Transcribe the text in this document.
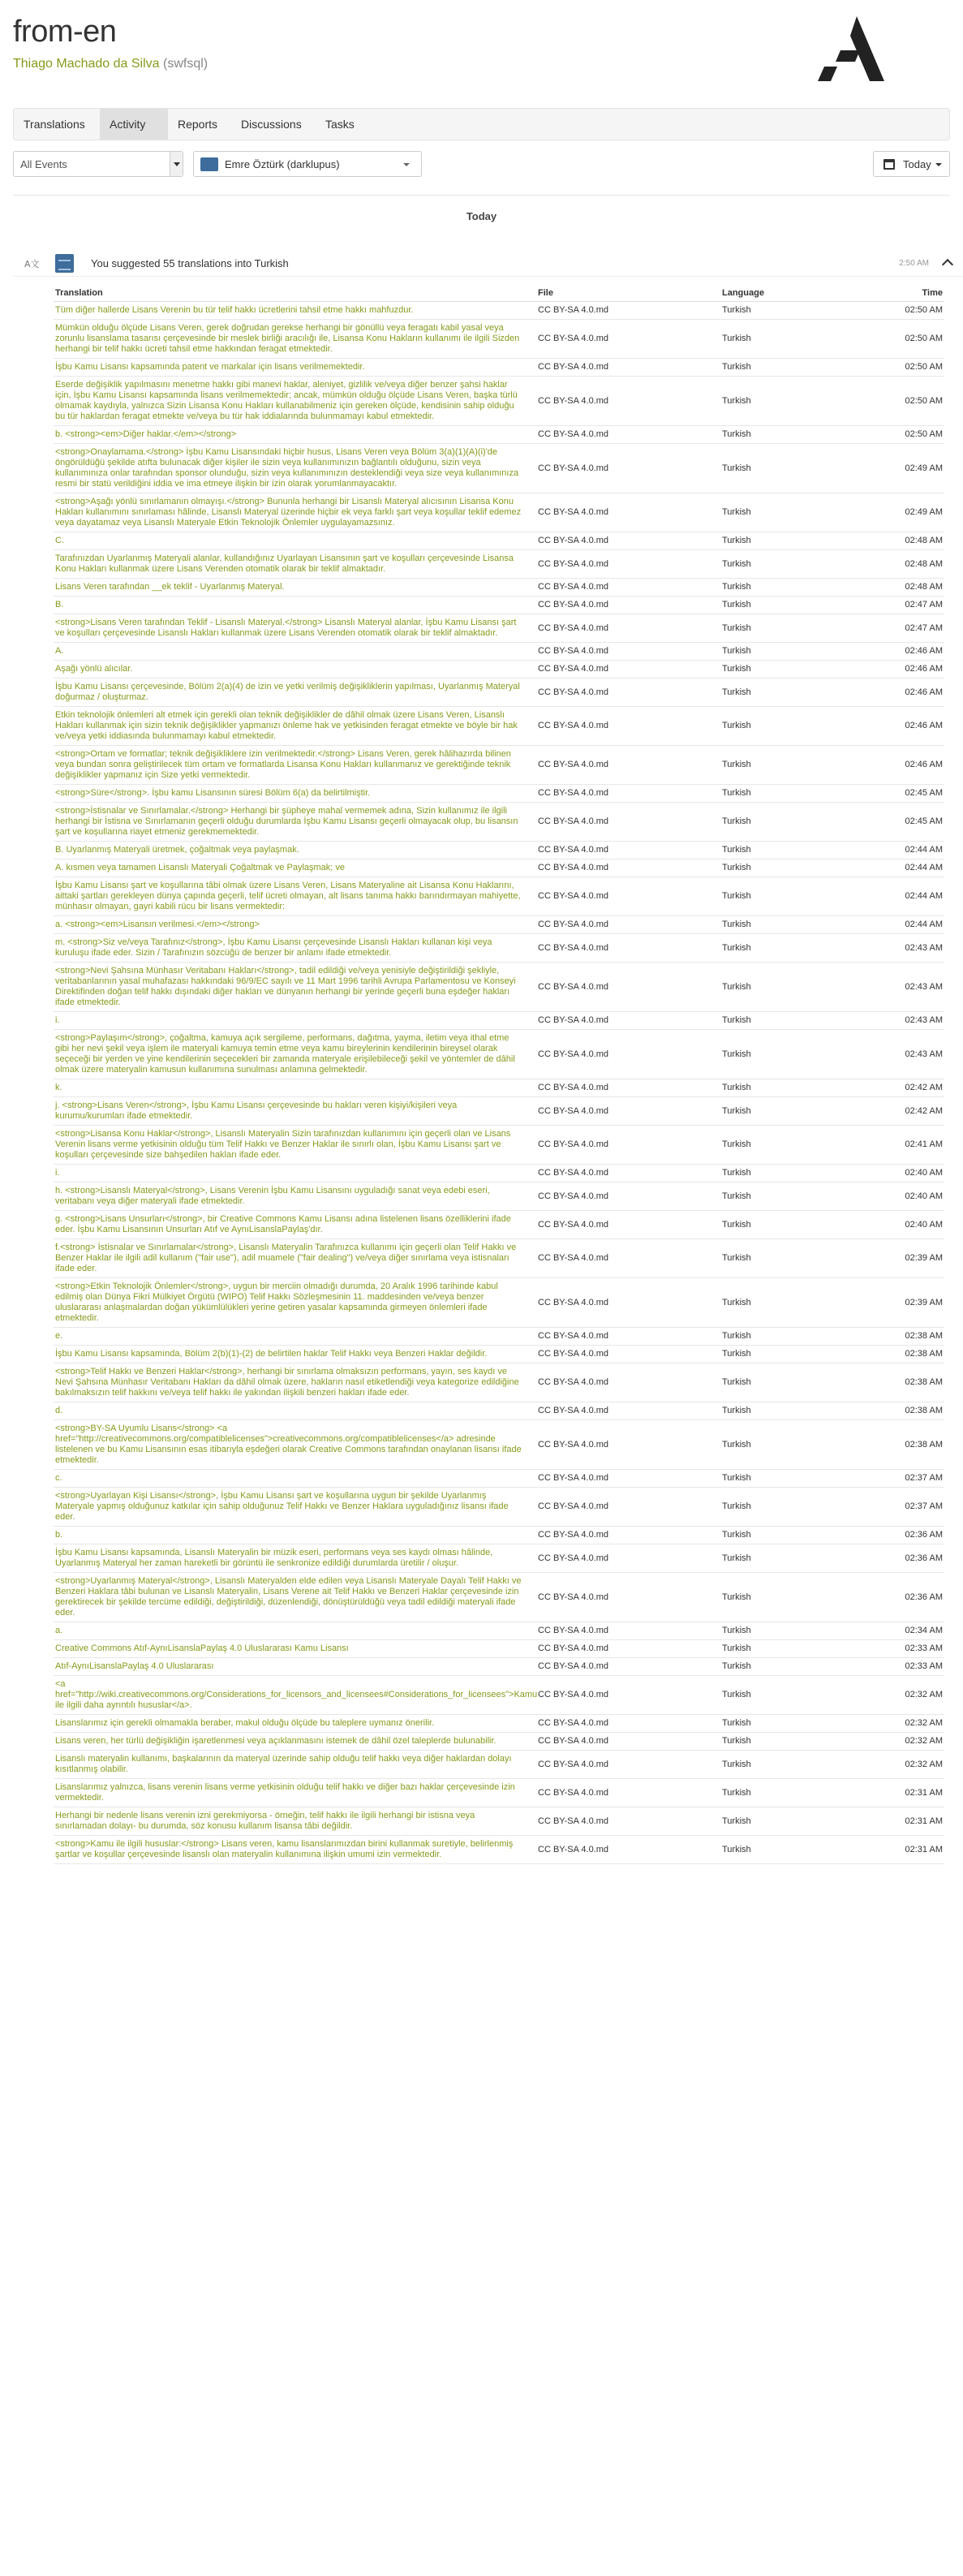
from-en
Thiago Machado da Silva (swfsql)
Translations	Activity	Reports	Discussions	Tasks
All Events	Emre Öztürk (darklupus)	Today
Today
A文	You suggested 55 translations into Turkish	2:50 AM
Translation	File	Language	Time
Tüm diğer hallerde Lisans Verenin bu tür telif hakkı ücretlerini tahsil etme hakkı mahfuzdur.	CC BY-SA 4.0.md	Turkish	02:50 AM
Mümkün olduğu ölçüde Lisans Veren, gerek doğrudan gerekse herhangi bir gönüllü veya feragatı kabil yasal veya zorunlu lisanslama tasarısı çerçevesinde bir meslek birliği aracılığı ile, Lisansa Konu Hakların kullanımı ile ilgili Sizden herhangi bir telif hakkı ücreti tahsil etme hakkından feragat etmektedir.	CC BY-SA 4.0.md	Turkish	02:50 AM
İşbu Kamu Lisansı kapsamında patent ve markalar için lisans verilmemektedir.	CC BY-SA 4.0.md	Turkish	02:50 AM
Eserde değişiklik yapılmasını menetme hakkı gibi manevi haklar, aleniyet, gizlilik ve/veya diğer benzer şahsi haklar için, İşbu Kamu Lisansı kapsamında lisans verilmemektedir; ancak, mümkün olduğu ölçüde Lisans Veren, başka türlü olmamak kaydıyla, yalnızca Sizin Lisansa Konu Hakları kullanabilmeniz için gereken ölçüde, kendisinin sahip olduğu bu tür haklardan feragat etmekte ve/veya bu tür hak iddialarında bulunmamayı kabul etmektedir.	CC BY-SA 4.0.md	Turkish	02:50 AM
b. <strong><em>Diğer haklar.</em></strong>	CC BY-SA 4.0.md	Turkish	02:50 AM
<strong>Onaylamama.</strong> İşbu Kamu Lisansındaki hiçbir husus, Lisans Veren veya Bölüm 3(a)(1)(A)(i)'de öngörüldüğü şekilde atıfta bulunacak diğer kişiler ile sizin veya kullanımınızın bağlantılı olduğunu, sizin veya kullanımınıza onlar tarafından sponsor olunduğu, sizin veya kullanımınızın desteklendiği veya size veya kullanımınıza resmi bir statü verildiğini iddia ve ima etmeye ilişkin bir izin olarak yorumlanmayacaktır.	CC BY-SA 4.0.md	Turkish	02:49 AM
<strong>Aşağı yönlü sınırlamanın olmayışı.</strong> Bununla herhangi bir Lisanslı Materyal alıcısının Lisansa Konu Hakları kullanımını sınırlaması hâlinde, Lisanslı Materyal üzerinde hiçbir ek veya farklı şart veya koşullar teklif edemez veya dayatamaz veya Lisanslı Materyale Etkin Teknolojik Önlemler uygulayamazsınız.	CC BY-SA 4.0.md	Turkish	02:49 AM
C.	CC BY-SA 4.0.md	Turkish	02:48 AM
Tarafınızdan Uyarlanmış Materyali alanlar, kullandığınız Uyarlayan Lisansının şart ve koşulları çerçevesinde Lisansa Konu Hakları kullanmak üzere Lisans Verenden otomatik olarak bir teklif almaktadır.	CC BY-SA 4.0.md	Turkish	02:48 AM
Lisans Veren tarafından __ek teklif - Uyarlanmış Materyal.	CC BY-SA 4.0.md	Turkish	02:48 AM
B.	CC BY-SA 4.0.md	Turkish	02:47 AM
<strong>Lisans Veren tarafından Teklif - Lisanslı Materyal.</strong> Lisanslı Materyal alanlar, İşbu Kamu Lisansı şart ve koşulları çerçevesinde Lisanslı Hakları kullanmak üzere Lisans Verenden otomatik olarak bir teklif almaktadır.	CC BY-SA 4.0.md	Turkish	02:47 AM
A.	CC BY-SA 4.0.md	Turkish	02:46 AM
Aşağı yönlü alıcılar.	CC BY-SA 4.0.md	Turkish	02:46 AM
İşbu Kamu Lisansı çerçevesinde, Bölüm 2(a)(4) de izin ve yetki verilmiş değişikliklerin yapılması, Uyarlanmış Materyal doğurmaz / oluşturmaz.	CC BY-SA 4.0.md	Turkish	02:46 AM
Etkin teknolojik önlemleri alt etmek için gerekli olan teknik değişiklikler de dâhil olmak üzere Lisans Veren, Lisanslı Hakları kullanmak için sizin teknik değişiklikler yapmanızı önleme hak ve yetkisinden feragat etmekte ve böyle bir hak ve/veya yetki iddiasında bulunmamayı kabul etmektedir.	CC BY-SA 4.0.md	Turkish	02:46 AM
<strong>Ortam ve formatlar; teknik değişikliklere izin verilmektedir.</strong> Lisans Veren, gerek hâlihazırda bilinen veya bundan sonra geliştirilecek tüm ortam ve formatlarda Lisansa Konu Hakları kullanmanız ve gerektiğinde teknik değişiklikler yapmanız için Size yetki vermektedir.	CC BY-SA 4.0.md	Turkish	02:46 AM
<strong>Süre</strong>. İşbu kamu Lisansının süresi Bölüm 6(a) da belirtilmiştir.	CC BY-SA 4.0.md	Turkish	02:45 AM
<strong>İstisnalar ve Sınırlamalar.</strong> Herhangi bir şüpheye mahal vermemek adına, Sizin kullanımız ile ilgili herhangi bir İstisna ve Sınırlamanın geçerli olduğu durumlarda İşbu Kamu Lisansı geçerli olmayacak olup, bu lisansın şart ve koşullarına riayet etmeniz gerekmemektedir.	CC BY-SA 4.0.md	Turkish	02:45 AM
B. Uyarlanmış Materyali üretmek, çoğaltmak veya paylaşmak.	CC BY-SA 4.0.md	Turkish	02:44 AM
A. kısmen veya tamamen Lisanslı Materyali Çoğaltmak ve Paylaşmak; ve	CC BY-SA 4.0.md	Turkish	02:44 AM
İşbu Kamu Lisansı şart ve koşullarına tâbi olmak üzere Lisans Veren, Lisans Materyaline ait Lisansa Konu Haklarını, aittaki şartları gerekleyen dünya çapında geçerli, telif ücreti olmayan, alt lisans tanıma hakkı barındırmayan mahiyette, münhasır olmayan, gayri kabili rücu bir lisans vermektedir:	CC BY-SA 4.0.md	Turkish	02:44 AM
a. <strong><em>Lisansın verilmesi.</em></strong>	CC BY-SA 4.0.md	Turkish	02:44 AM
m. <strong>Siz ve/veya Tarafınız</strong>, İşbu Kamu Lisansı çerçevesinde Lisanslı Hakları kullanan kişi veya kuruluşu ifade eder. Sizin / Tarafınızın sözcüğü de benzer bir anlamı ifade etmektedir.	CC BY-SA 4.0.md	Turkish	02:43 AM
<strong>Nevi Şahsına Münhasır Veritabanı Hakları</strong>, tadil edildiği ve/veya yenisiyle değiştirildiği şekliyle, veritabanlarının yasal muhafazası hakkındaki 96/9/EC sayılı ve 11 Mart 1996 tarihli Avrupa Parlamentosu ve Konseyi Direktifinden doğan telif hakkı dışındaki diğer hakları ve dünyanın herhangi bir yerinde geçerli buna eşdeğer hakları ifade etmektedir.	CC BY-SA 4.0.md	Turkish	02:43 AM
i.	CC BY-SA 4.0.md	Turkish	02:43 AM
<strong>Paylaşım</strong>, çoğaltma, kamuya açık sergileme, performans, dağıtma, yayma, iletim veya ithal etme gibi her nevi şekil veya işlem ile materyali kamuya temin etme veya kamu bireylerinin kendilerinin bireysel olarak seçeceği bir yerden ve yine kendilerinin seçecekleri bir zamanda materyale erişilebileceği şekil ve yöntemler de dâhil olmak üzere materyalin kamusun kullanımına sunulması anlamına gelmektedir.	CC BY-SA 4.0.md	Turkish	02:43 AM
k.	CC BY-SA 4.0.md	Turkish	02:42 AM
j. <strong>Lisans Veren</strong>, İşbu Kamu Lisansı çerçevesinde bu hakları veren kişiyi/kişileri veya kurumu/kurumları ifade etmektedir.	CC BY-SA 4.0.md	Turkish	02:42 AM
<strong>Lisansa Konu Haklar</strong>, Lisanslı Materyalin Sizin tarafınızdan kullanımını için geçerli olan ve Lisans Verenin lisans verme yetkisinin olduğu tüm Telif Hakkı ve Benzer Haklar ile sınırlı olan, İşbu Kamu Lisansı şart ve koşulları çerçevesinde size bahşedilen hakları ifade eder.	CC BY-SA 4.0.md	Turkish	02:41 AM
i.	CC BY-SA 4.0.md	Turkish	02:40 AM
h. <strong>Lisanslı Materyal</strong>, Lisans Verenin İşbu Kamu Lisansını uyguladığı sanat veya edebi eseri, veritabanı veya diğer materyali ifade etmektedir.	CC BY-SA 4.0.md	Turkish	02:40 AM
g. <strong>Lisans Unsurları</strong>, bir Creative Commons Kamu Lisansı adına listelenen lisans özelliklerini ifade eder. İşbu Kamu Lisansının Unsurları Atıf ve AynıLisanslaPaylaş'dır.	CC BY-SA 4.0.md	Turkish	02:40 AM
f.<strong> İstisnalar ve Sınırlamalar</strong>, Lisanslı Materyalin Tarafınızca kullanımı için geçerli olan Telif Hakkı ve Benzer Haklar ile ilgili adil kullanım ("fair use"), adil muamele ("fair dealing") ve/veya diğer sınırlama veya istisnaları ifade eder.	CC BY-SA 4.0.md	Turkish	02:39 AM
<strong>Etkin Teknolojik Önlemler</strong>, uygun bir merciin olmadığı durumda, 20 Aralık 1996 tarihinde kabul edilmiş olan Dünya Fikri Mülkiyet Örgütü (WIPO) Telif Hakkı Sözleşmesinin 11. maddesinden ve/veya benzer uluslararası anlaşmalardan doğan yükümlülükleri yerine getiren yasalar kapsamında girmeyen önlemleri ifade etmektedir.	CC BY-SA 4.0.md	Turkish	02:39 AM
e.	CC BY-SA 4.0.md	Turkish	02:38 AM
İşbu Kamu Lisansı kapsamında, Bölüm 2(b)(1)-(2) de belirtilen haklar Telif Hakkı veya Benzeri Haklar değildir.	CC BY-SA 4.0.md	Turkish	02:38 AM
<strong>Telif Hakkı ve Benzeri Haklar</strong>, herhangi bir sınırlama olmaksızın performans, yayın, ses kaydı ve Nevi Şahsına Münhasır Veritabanı Hakları da dâhil olmak üzere, hakların nasıl etiketlendiği veya kategorize edildiğine bakılmaksızın telif hakkını ve/veya telif hakkı ile yakından ilişkili benzeri hakları ifade eder.	CC BY-SA 4.0.md	Turkish	02:38 AM
d.	CC BY-SA 4.0.md	Turkish	02:38 AM
<strong>BY-SA Uyumlu Lisans</strong> <a href="http://creativecommons.org/compatiblelicenses">creativecommons.org/compatiblelicenses</a> adresinde listelenen ve bu Kamu Lisansının esas itibarıyla eşdeğeri olarak Creative Commons tarafından onaylanan lisansı ifade etmektedir.	CC BY-SA 4.0.md	Turkish	02:38 AM
c.	CC BY-SA 4.0.md	Turkish	02:37 AM
<strong>Uyarlayan Kişi Lisansı</strong>, İşbu Kamu Lisansı şart ve koşullarına uygun bir şekilde Uyarlanmış Materyale yapmış olduğunuz katkılar için sahip olduğunuz Telif Hakkı ve Benzer Haklara uyguladığınız lisansı ifade eder.	CC BY-SA 4.0.md	Turkish	02:37 AM
b.	CC BY-SA 4.0.md	Turkish	02:36 AM
İşbu Kamu Lisansı kapsamında, Lisanslı Materyalin bir müzik eseri, performans veya ses kaydı olması hâlinde, Uyarlanmış Materyal her zaman hareketli bir görüntü ile senkronize edildiği durumlarda üretilir / oluşur.	CC BY-SA 4.0.md	Turkish	02:36 AM
<strong>Uyarlanmış Materyal</strong>, Lisanslı Materyalden elde edilen veya Lisanslı Materyale Dayalı Telif Hakkı ve Benzeri Haklara tâbi bulunan ve Lisanslı Materyalin, Lisans Verene ait Telif Hakkı ve Benzeri Haklar çerçevesinde izin gerektirecek bir şekilde tercüme edildiği, değiştirildiği, düzenlendiği, dönüştürüldüğü veya tadil edildiği materyali ifade eder.	CC BY-SA 4.0.md	Turkish	02:36 AM
a.	CC BY-SA 4.0.md	Turkish	02:34 AM
Creative Commons Atıf-AynıLisanslaPaylaş 4.0 Uluslararası Kamu Lisansı	CC BY-SA 4.0.md	Turkish	02:33 AM
Atıf-AynıLisanslaPaylaş 4.0 Uluslararası	CC BY-SA 4.0.md	Turkish	02:33 AM
<a href="http://wiki.creativecommons.org/Considerations_for_licensors_and_licensees#Considerations_for_licensees">Kamu ile ilgili daha ayrıntılı hususlar</a>.	CC BY-SA 4.0.md	Turkish	02:32 AM
Lisanslarımız için gerekli olmamakla beraber, makul olduğu ölçüde bu taleplere uymanız önerilir.	CC BY-SA 4.0.md	Turkish	02:32 AM
Lisans veren, her türlü değişikliğin işaretlenmesi veya açıklanmasını istemek de dâhil özel taleplerde bulunabilir.	CC BY-SA 4.0.md	Turkish	02:32 AM
Lisanslı materyalin kullanımı, başkalarının da materyal üzerinde sahip olduğu telif hakkı veya diğer haklardan dolayı kısıtlanmış olabilir.	CC BY-SA 4.0.md	Turkish	02:32 AM
Lisanslarımız yalnızca, lisans verenin lisans verme yetkisinin olduğu telif hakkı ve diğer bazı haklar çerçevesinde izin vermektedir.	CC BY-SA 4.0.md	Turkish	02:31 AM
Herhangi bir nedenle lisans verenin izni gerekmiyorsa - örneğin, telif hakkı ile ilgili herhangi bir istisna veya sınırlamadan dolayı- bu durumda, söz konusu kullanım lisansa tâbi değildir.	CC BY-SA 4.0.md	Turkish	02:31 AM
<strong>Kamu ile ilgili hususlar:</strong> Lisans veren, kamu lisanslarımızdan birini kullanmak suretiyle, belirlenmiş şartlar ve koşullar çerçevesinde lisanslı olan materyalin kullanımına ilişkin umumi izin vermektedir.	CC BY-SA 4.0.md	Turkish	02:31 AM
